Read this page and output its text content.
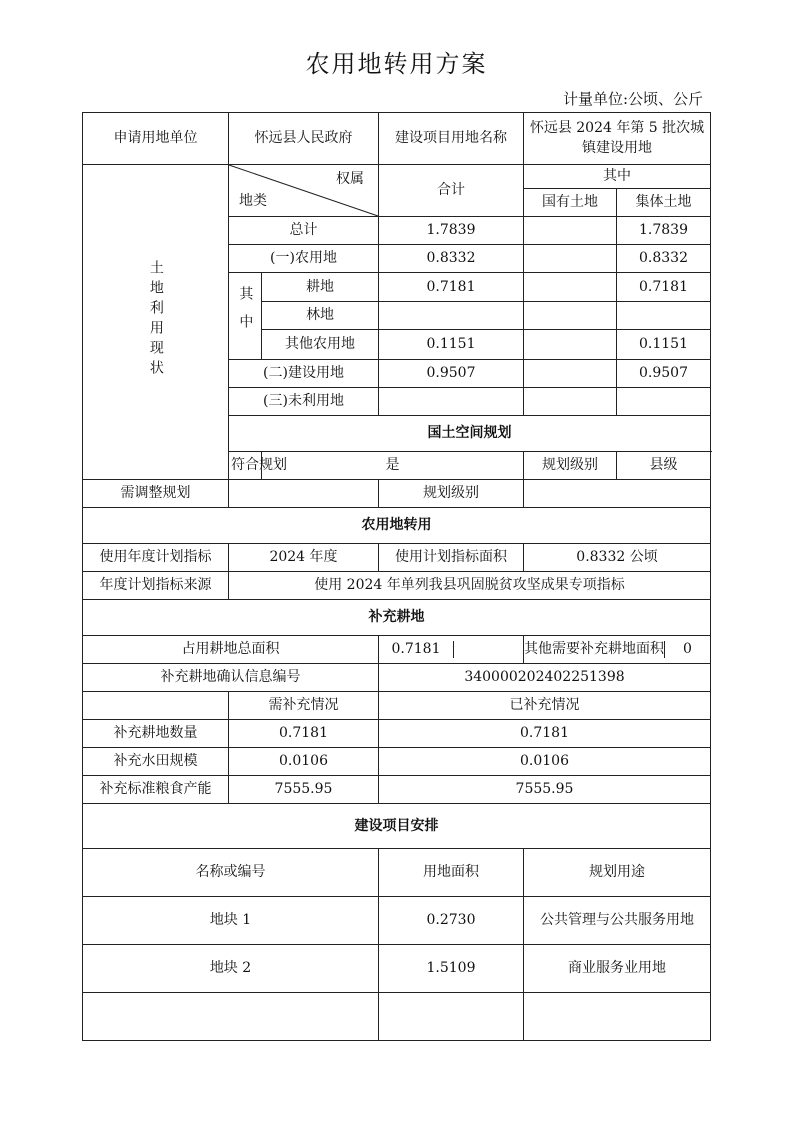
农用地转用方案
计量单位:公顷、公斤
申请用地单位	怀远县人民政府		建设项目用地名称	怀远县 2024 年第 5 批次城镇建设用地	
土地利用现状	权属
地类		合计	其中	
				国有土地	集体土地
	总计		1.7839		1.7839
	(一)农用地		0.8332		0.8332
	其中	耕地	0.7181		0.7181
		林地			
		其他农用地	0.1151		0.1151
	(二)建设用地		0.9507		0.9507
	(三)未利用地				
	国土空间规划				
	符合规划	是		规划级别	县级
需调整规划			规划级别		
农用地转用					
使用年度计划指标	2024 年度		使用计划指标面积	0.8332 公顷	
年度计划指标来源	使用 2024 年单列我县巩固脱贫攻坚成果专项指标				
补充耕地					
占用耕地总面积			0.7181	其他需要补充耕地面积 0	

补充耕地确认信息编号			340000202402251398		
	需补充情况		已补充情况		
补充耕地数量	0.7181		0.7181		
补充水田规模	0.0106		0.0106		
补充标准粮食产能	7555.95		7555.95		
建设项目安排					
名称或编号			用地面积	规划用途	
地块 1			0.2730	公共管理与公共服务用地	
地块 2			1.5109	商业服务业用地	
